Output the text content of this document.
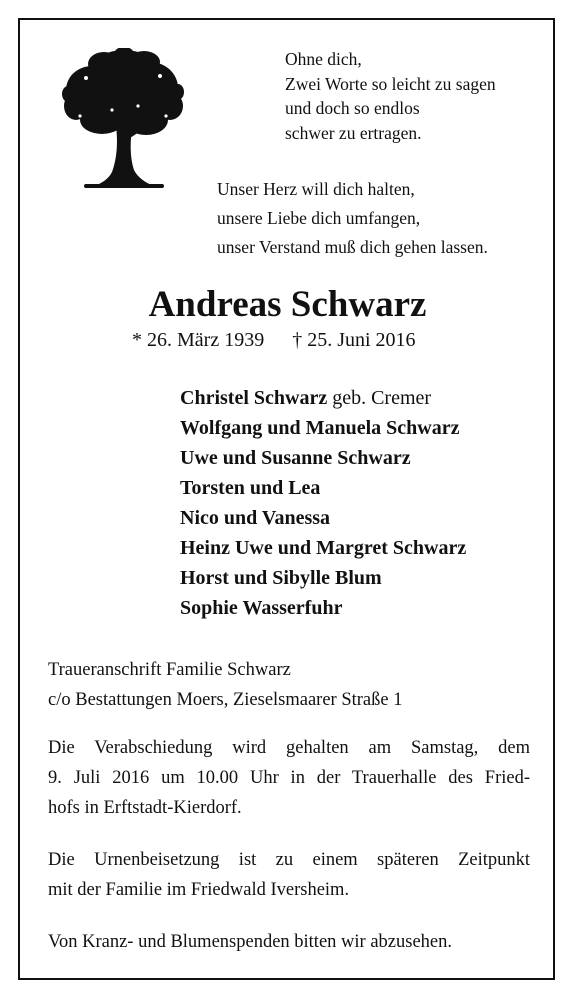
Ohne dich,
Zwei Worte so leicht zu sagen
und doch so endlos
schwer zu ertragen.
Unser Herz will dich halten,
unsere Liebe dich umfangen,
unser Verstand muß dich gehen lassen.
Andreas Schwarz
* 26. März 1939 † 25. Juni 2016
Christel Schwarz geb. Cremer
Wolfgang und Manuela Schwarz
Uwe und Susanne Schwarz
Torsten und Lea
Nico und Vanessa
Heinz Uwe und Margret Schwarz
Horst und Sibylle Blum
Sophie Wasserfuhr
Traueranschrift Familie Schwarz
c/o Bestattungen Moers, Zieselsmaarer Straße 1
Die Verabschiedung wird gehalten am Samstag, dem
9. Juli 2016 um 10.00 Uhr in der Trauerhalle des Fried-
hofs in Erftstadt-Kierdorf.
Die Urnenbeisetzung ist zu einem späteren Zeitpunkt
mit der Familie im Friedwald Iversheim.
Von Kranz- und Blumenspenden bitten wir abzusehen.
